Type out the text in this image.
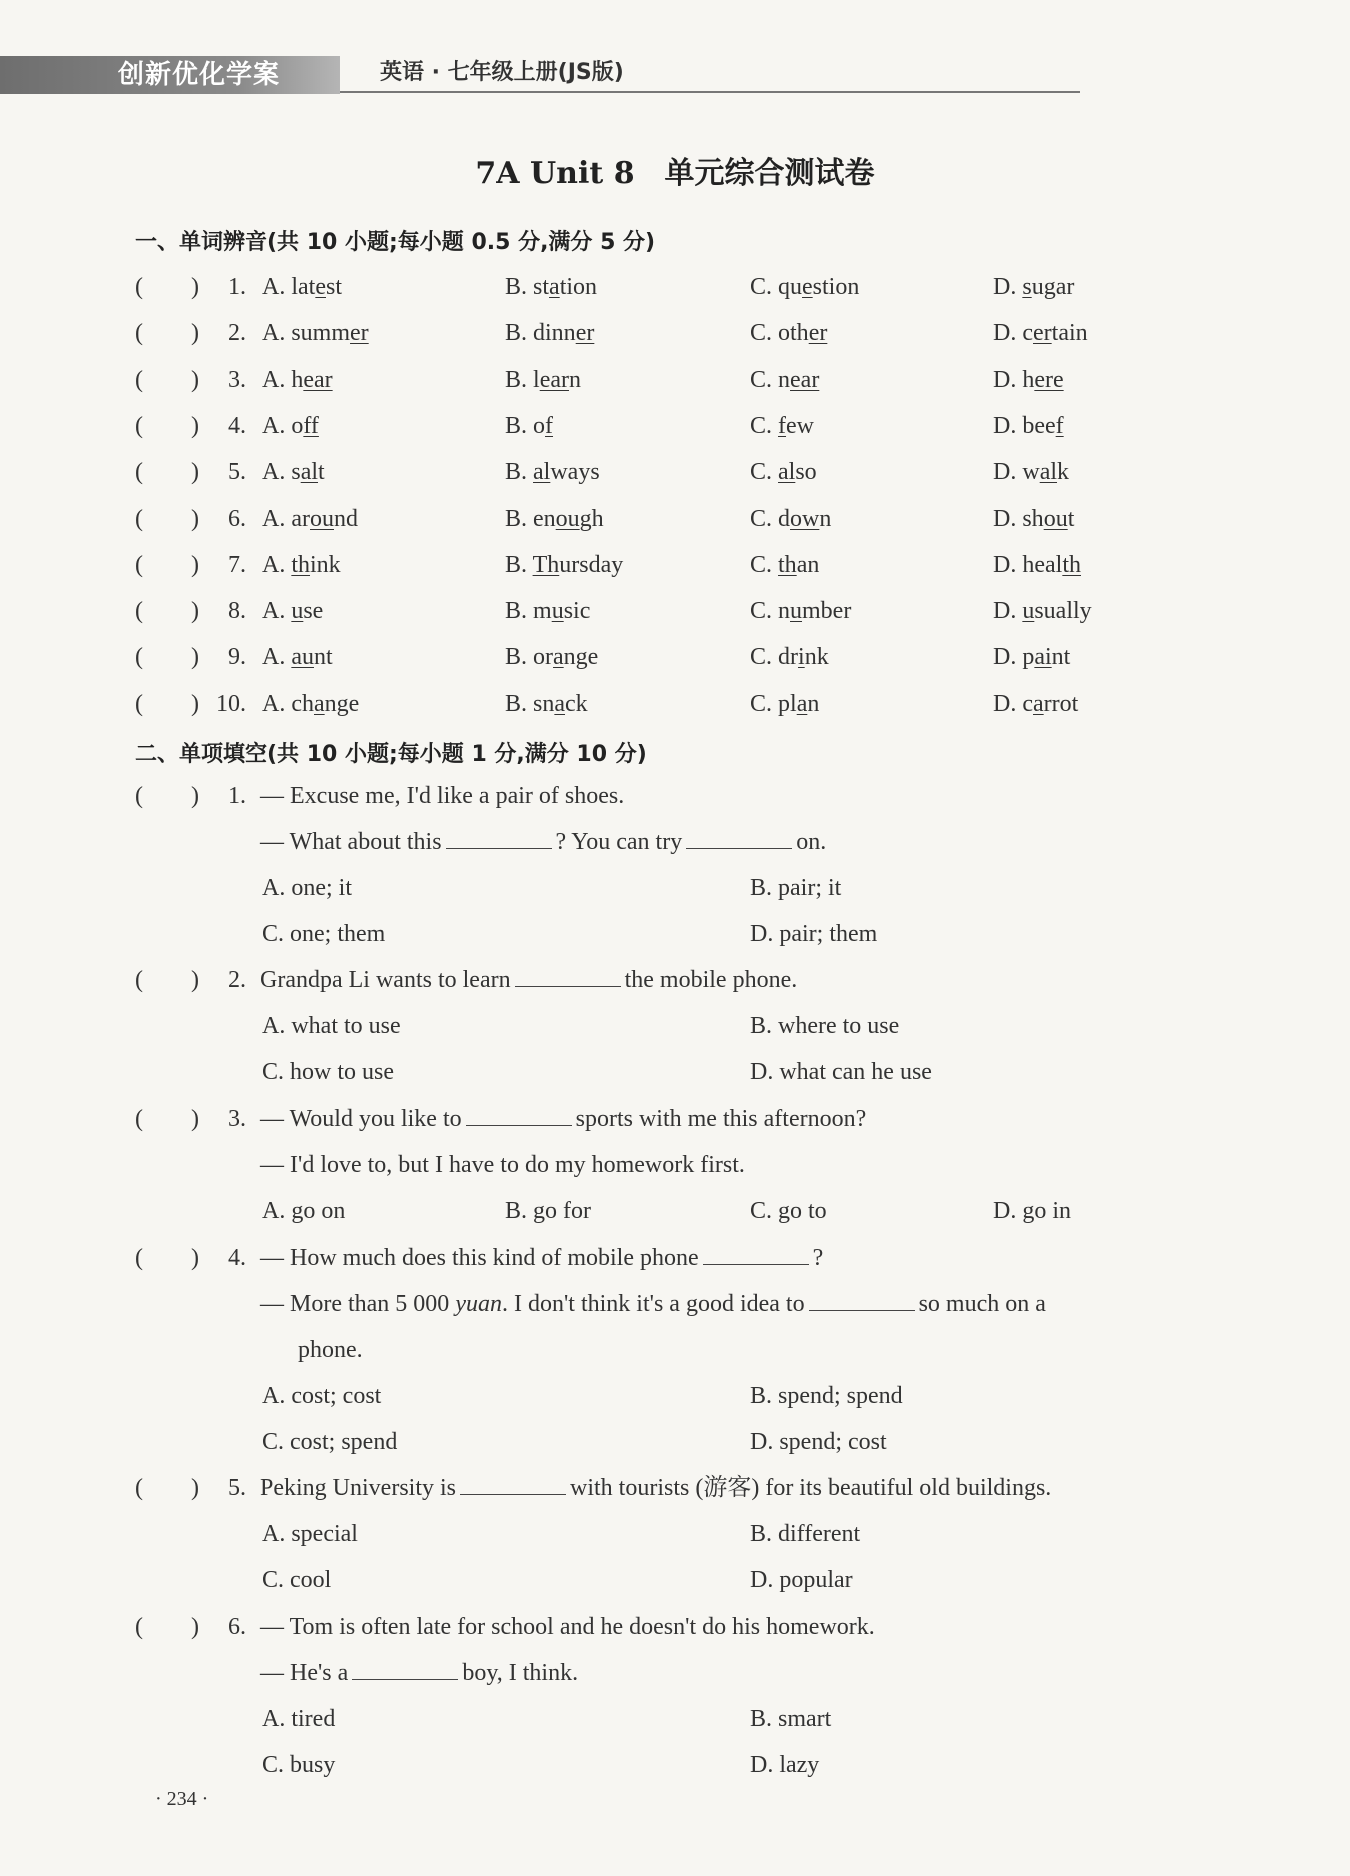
创新优化学案	英语 · 七年级上册(JS版)
7A Unit 8　单元综合测试卷
一、单词辨音(共 10 小题;每小题 0.5 分,满分 5 分)
(　　) 1. A. latest	B. station	C. question	D. sugar
(　　) 2. A. summer	B. dinner	C. other	D. certain
(　　) 3. A. hear	B. learn	C. near	D. here
(　　) 4. A. off	B. of	C. few	D. beef
(　　) 5. A. salt	B. always	C. also	D. walk
(　　) 6. A. around	B. enough	C. down	D. shout
(　　) 7. A. think	B. Thursday	C. than	D. health
(　　) 8. A. use	B. music	C. number	D. usually
(　　) 9. A. aunt	B. orange	C. drink	D. paint
(　　) 10. A. change	B. snack	C. plan	D. carrot
二、单项填空(共 10 小题;每小题 1 分,满分 10 分)
(　　) 1. — Excuse me, I'd like a pair of shoes.
— What about this	? You can try	on.
A. one; it	B. pair; it
C. one; them	D. pair; them
(　　) 2. Grandpa Li wants to learn	the mobile phone.
A. what to use	B. where to use
C. how to use	D. what can he use
(　　) 3. — Would you like to	sports with me this afternoon?
— I'd love to, but I have to do my homework first.
A. go on	B. go for	C. go to	D. go in
(　　) 4. — How much does this kind of mobile phone	?
— More than 5 000 yuan. I don't think it's a good idea to	so much on a
phone.
A. cost; cost	B. spend; spend
C. cost; spend	D. spend; cost
(　　) 5. Peking University is	with tourists (游客) for its beautiful old buildings.
A. special	B. different
C. cool	D. popular
(　　) 6. — Tom is often late for school and he doesn't do his homework.
— He's a	boy, I think.
A. tired	B. smart
C. busy	D. lazy
· 234 ·
